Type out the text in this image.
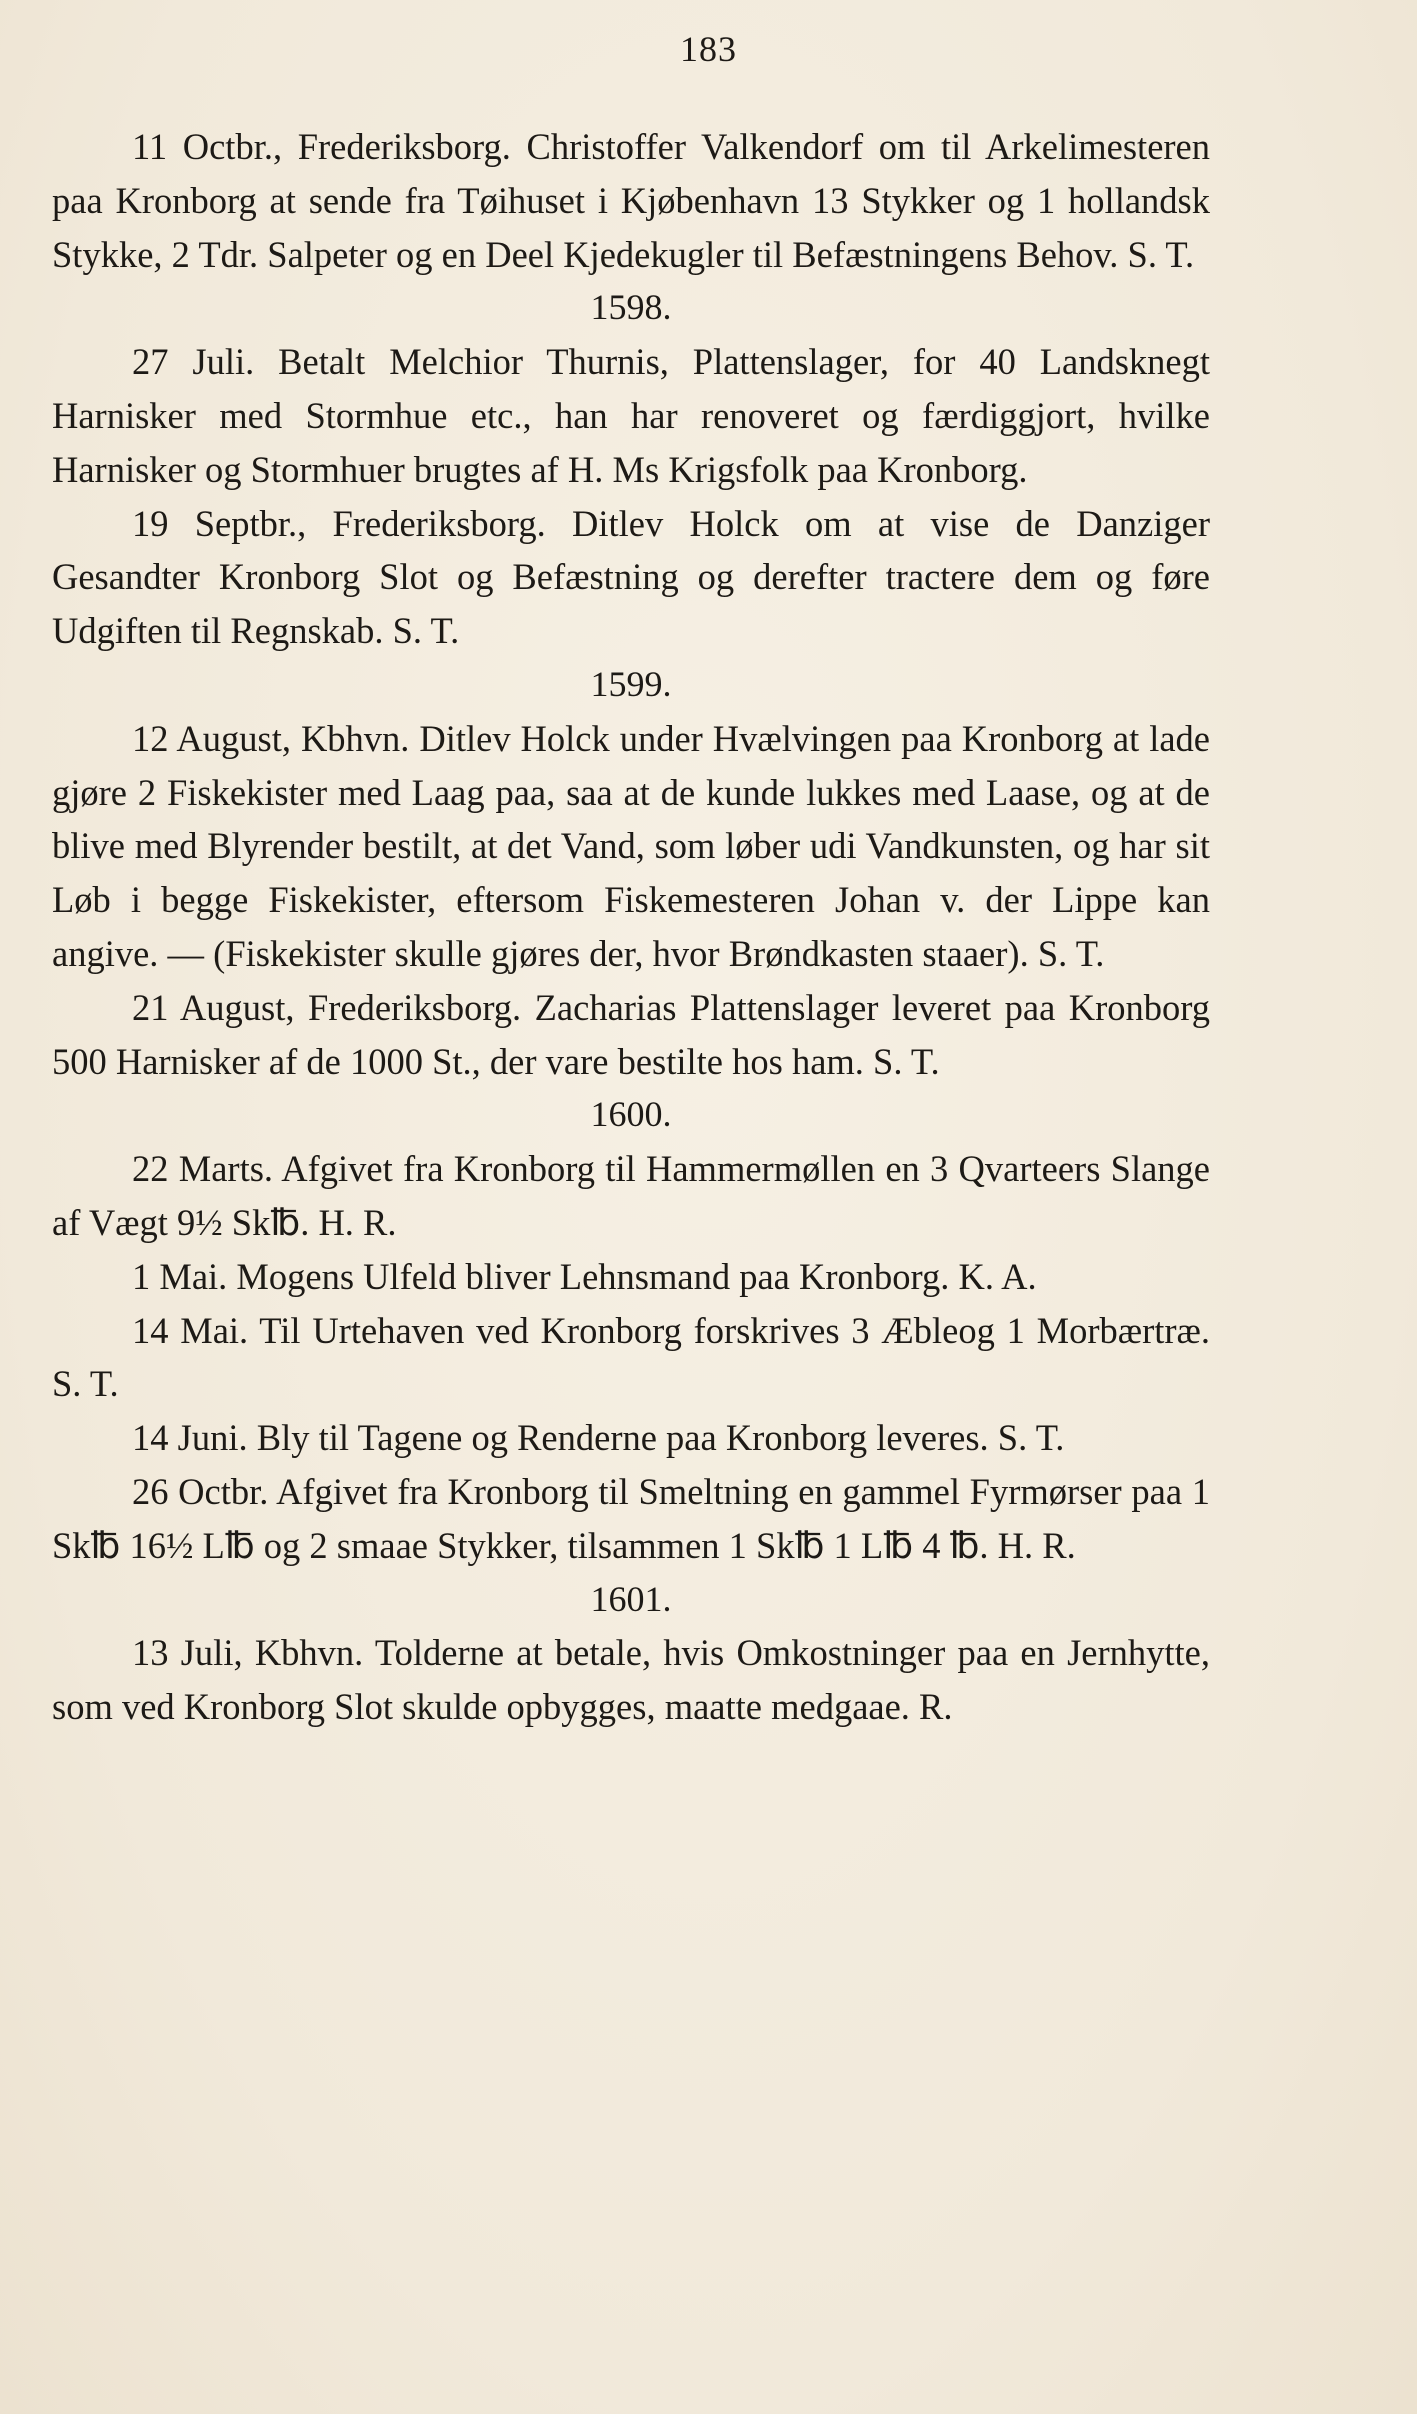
183

11 Octbr., Frederiksborg. Christoffer Valkendorf om til Arkelimesteren paa Kronborg at sende fra Tøihuset i Kjøbenhavn 13 Stykker og 1 hollandsk Stykke, 2 Tdr. Salpeter og en Deel Kjedekugler til Befæstningens Behov. S. T.

1598.

27 Juli. Betalt Melchior Thurnis, Plattenslager, for 40 Landsknegt Harnisker med Stormhue etc., han har renoveret og færdiggjort, hvilke Harnisker og Stormhuer brugtes af H. Ms Krigsfolk paa Kronborg.

19 Septbr., Frederiksborg. Ditlev Holck om at vise de Danziger Gesandter Kronborg Slot og Befæstning og derefter tractere dem og føre Udgiften til Regnskab. S. T.

1599.

12 August, Kbhvn. Ditlev Holck under Hvælvingen paa Kronborg at lade gjøre 2 Fiskekister med Laag paa, saa at de kunde lukkes med Laase, og at de blive med Blyrender bestilt, at det Vand, som løber udi Vandkunsten, og har sit Løb i begge Fiskekister, eftersom Fiskemesteren Johan v. der Lippe kan angive. — (Fiskekister skulle gjøres der, hvor Brøndkasten staaer). S. T.

21 August, Frederiksborg. Zacharias Plattenslager leveret paa Kronborg 500 Harnisker af de 1000 St., der vare bestilte hos ham. S. T.

1600.

22 Marts. Afgivet fra Kronborg til Hammermøllen en 3 Qvarteers Slange af Vægt 9½ Sk℔. H. R.

1 Mai. Mogens Ulfeld bliver Lehnsmand paa Kronborg. K. A.

14 Mai. Til Urtehaven ved Kronborg forskrives 3 Æbleog 1 Morbærtræ. S. T.

14 Juni. Bly til Tagene og Renderne paa Kronborg leveres. S. T.

26 Octbr. Afgivet fra Kronborg til Smeltning en gammel Fyrmørser paa 1 Sk℔ 16½ L℔ og 2 smaae Stykker, tilsammen 1 Sk℔ 1 L℔ 4 ℔. H. R.

1601.

13 Juli, Kbhvn. Tolderne at betale, hvis Omkostninger paa en Jernhytte, som ved Kronborg Slot skulde opbygges, maatte medgaae. R.
